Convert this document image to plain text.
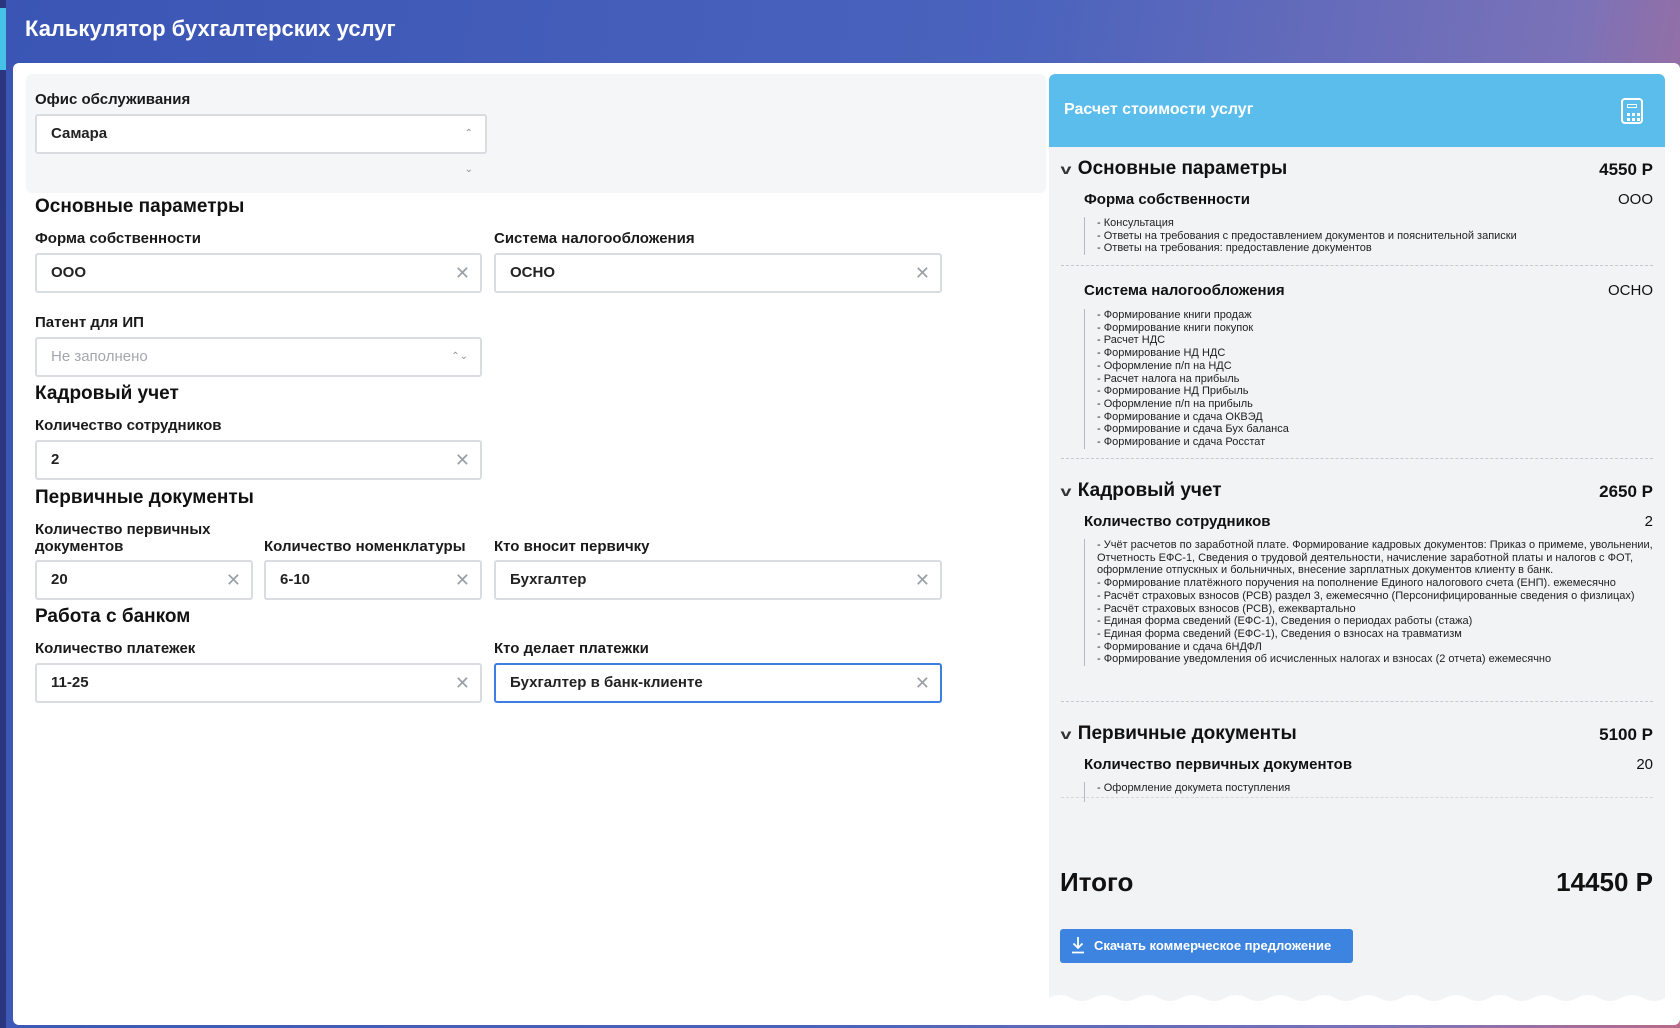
Калькулятор бухгалтерских услуг
Офис обслуживания
Самара	⌃
⌄
Основные параметры
Форма собственности
ООО	✕
Система налогообложения
ОСНО	✕
Патент для ИП
Не заполнено	⌃⌄
Кадровый учет
Количество сотрудников
2	✕
Первичные документы
Количество первичных документов
20	✕
Количество номенклатуры
6-10	✕
Кто вносит первичку
Бухгалтер	✕
Работа с банком
Количество платежек
11-25	✕
Кто делает платежки
Бухгалтер в банк-клиенте	✕
Расчет стоимости услуг
v Основные параметры	4550 Р
Форма собственности	ООО
- Консультация
- Ответы на требования с предоставлением документов и пояснительной записки
- Ответы на требования: предоставление документов
Система налогообложения	ОСНО
- Формирование книги продаж
- Формирование книги покупок
- Расчет НДС
- Формирование НД НДС
- Оформление п/п на НДС
- Расчет налога на прибыль
- Формирование НД Прибыль
- Оформление п/п на прибыль
- Формирование и сдача ОКВЭД
- Формирование и сдача Бух баланса
- Формирование и сдача Росстат
v Кадровый учет	2650 Р
Количество сотрудников	2
- Учёт расчетов по заработной плате. Формирование кадровых документов: Приказ о примеме, увольнении, Отчетность ЕФС-1, Сведения о трудовой деятельности, начисление заработной платы и налогов с ФОТ, оформление отпускных и больничных, внесение зарплатных документов клиенту в банк.
- Формирование платёжного поручения на пополнение Единого налогового счета (ЕНП). ежемесячно
- Расчёт страховых взносов (РСВ) раздел 3, ежемесячно (Персонифицированные сведения о физлицах)
- Расчёт страховых взносов (РСВ), ежеквартально
- Единая форма сведений (ЕФС-1), Сведения о периодах работы (стажа)
- Единая форма сведений (ЕФС-1), Сведения о взносах на травматизм
- Формирование и сдача 6НДФЛ
- Формирование уведомления об исчисленных налогах и взносах (2 отчета) ежемесячно
v Первичные документы	5100 Р
Количество первичных документов	20
- Оформление докумета поступления
Итого	14450 Р
Скачать коммерческое предложение
